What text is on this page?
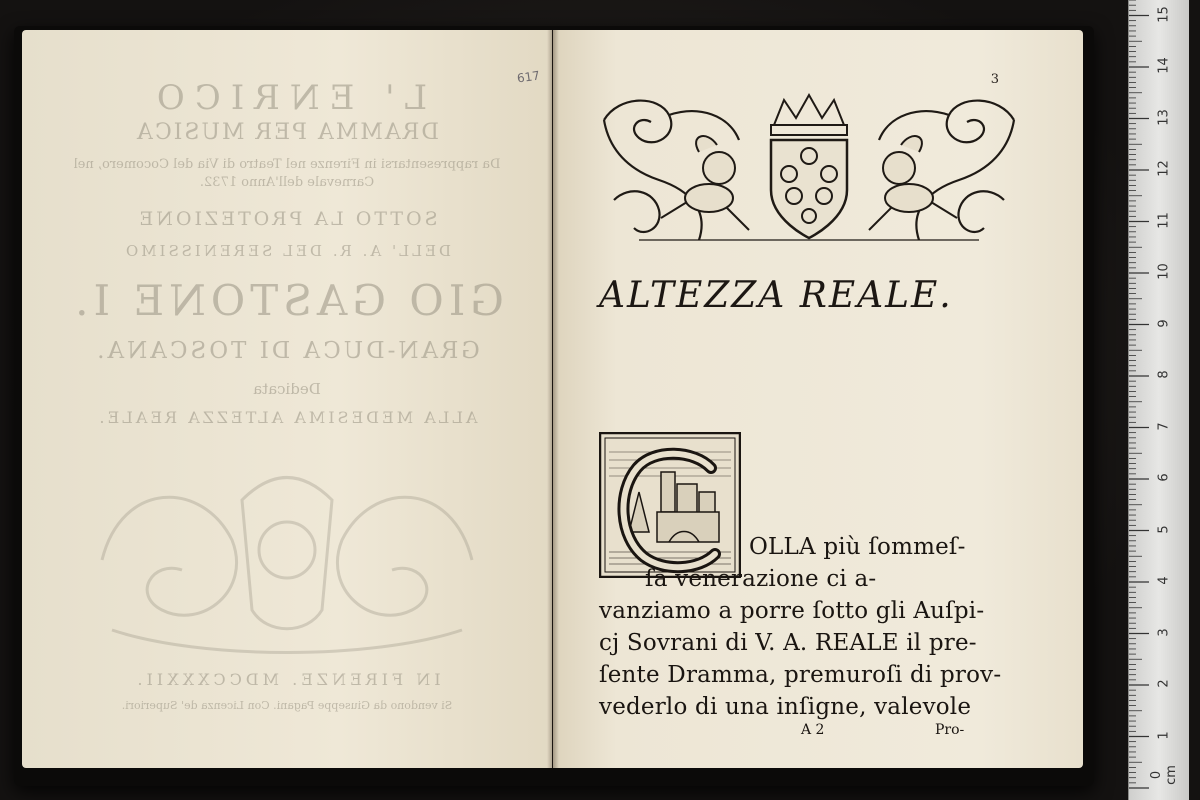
L' ENRICO
DRAMMA PER MUSICA
Da rappresentarsi in Firenze nel Teatro di Via del Cocomero, nel Carnevale dell'Anno 1732.
SOTTO LA PROTEZIONE
DELL' A. R. DEL SERENISSIMO
GIO GASTONE I.
GRAN-DUCA DI TOSCANA.
Dedicata
ALLA MEDESIMA ALTEZZA REALE.
IN FIRENZE. MDCCXXXII.
Si vendono da Giuseppe Pagani. Con Licenza de' Superiori.
617	3
ALTEZZA REALE.
OLLA più ſommeſ-
ſa venerazione ci a-
vanziamo a porre ſotto gli Auſpi-
cj Sovrani di V. A. REALE il pre-
ſente Dramma, premuroſi di prov-
vederlo di una inſigne, valevole
A 2	Pro-
0 cm
1
2
3
4
5
6
7
8
9
10
11
12
13
14
15
